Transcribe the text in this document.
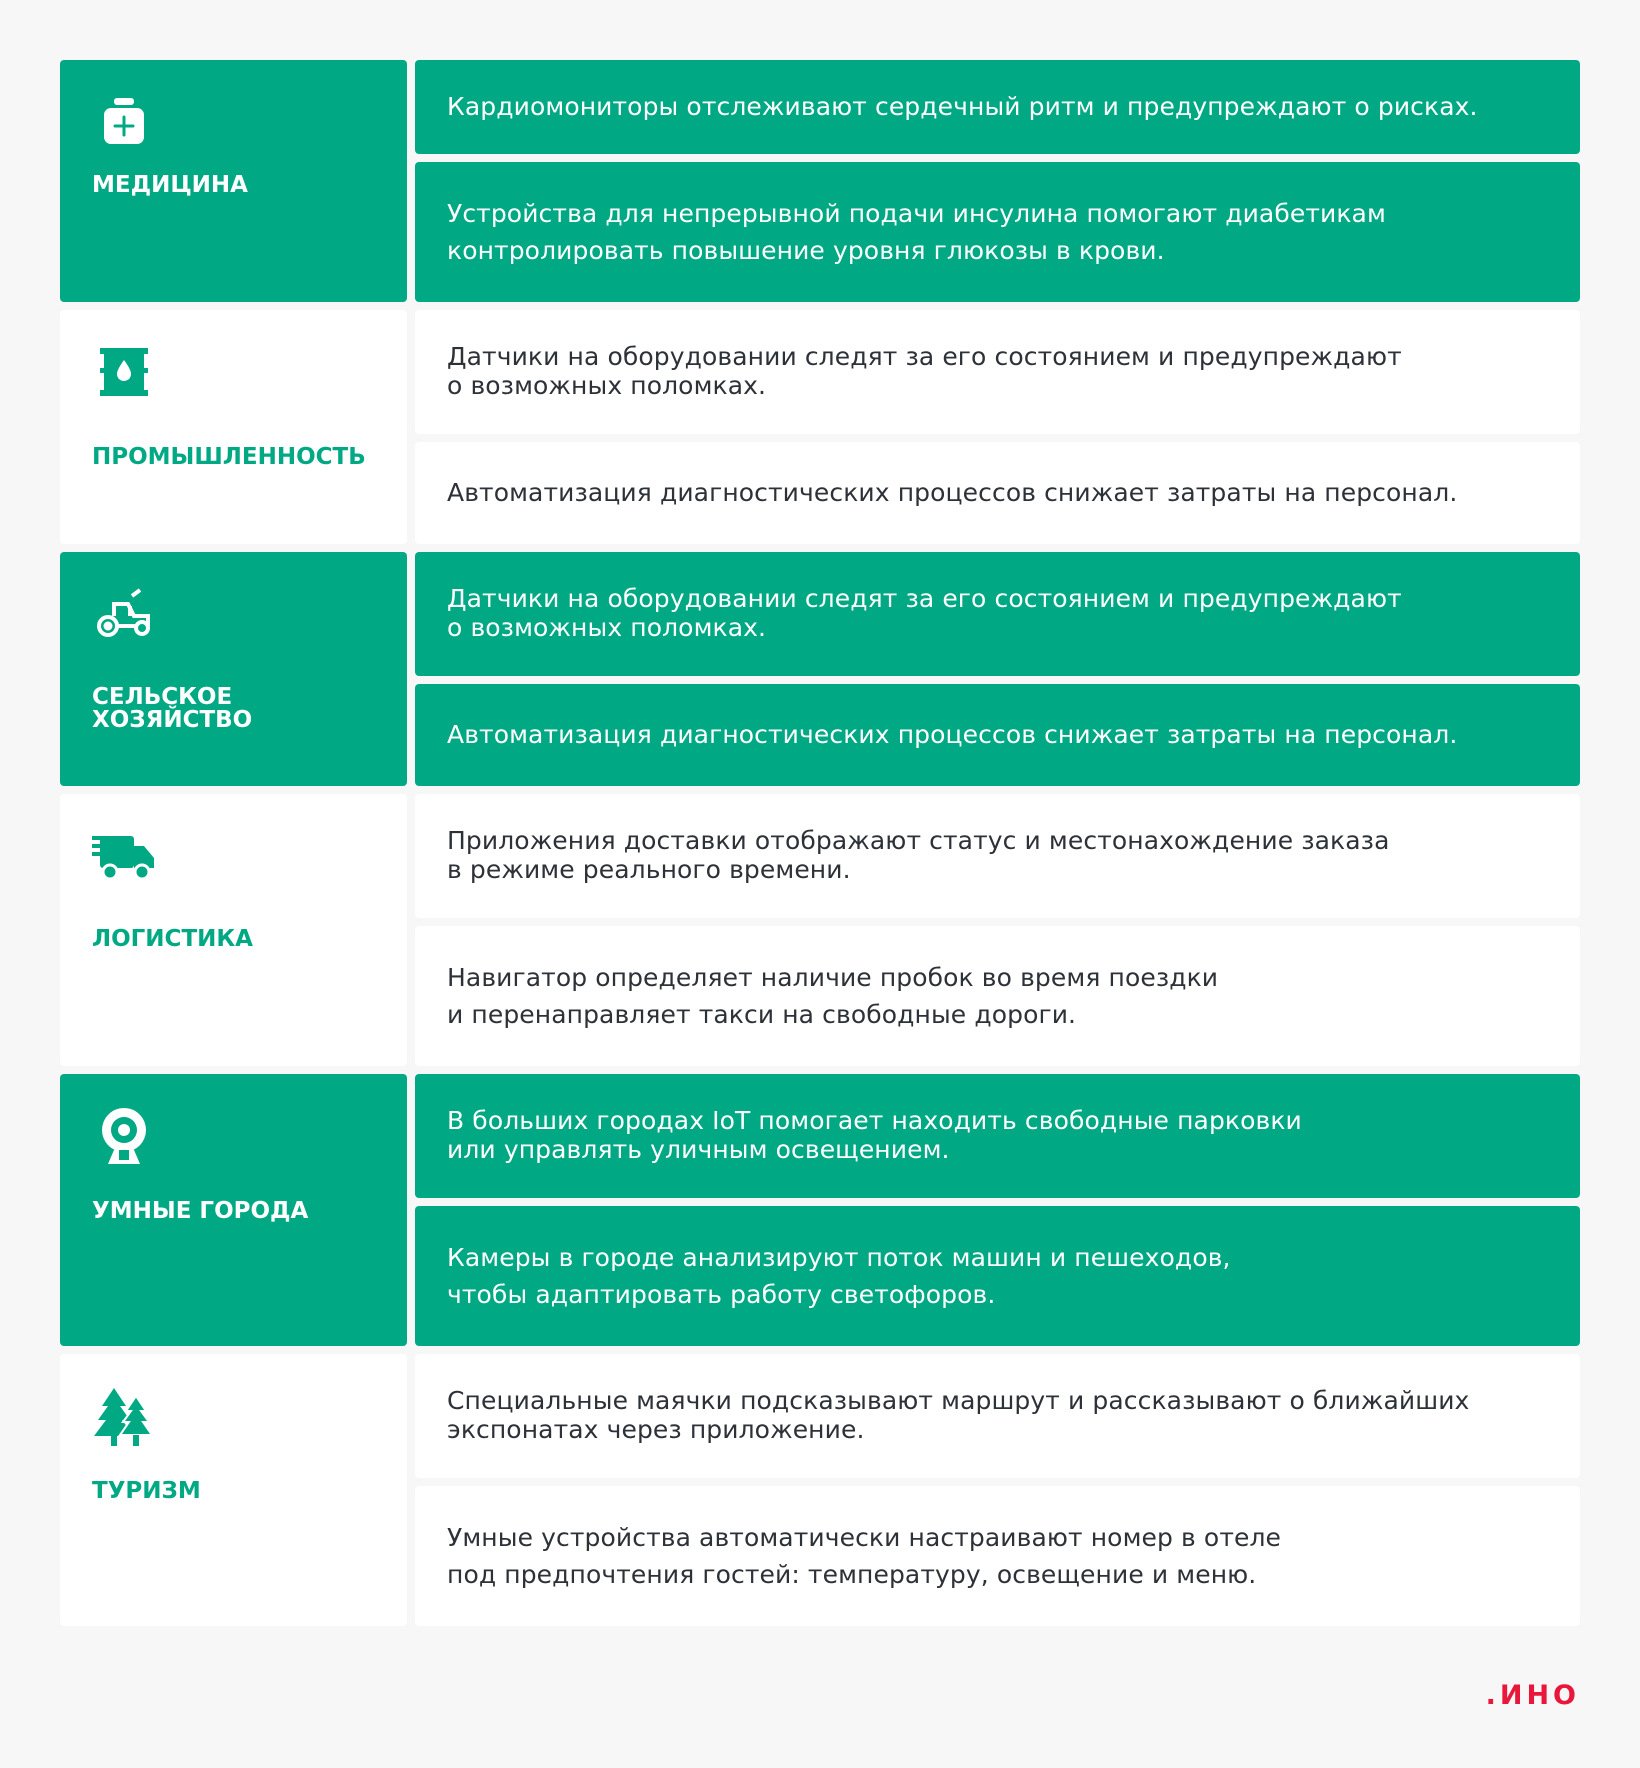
МЕДИЦИНА
Кардиомониторы отслеживают сердечный ритм и предупреждают о рисках.
Устройства для непрерывной подачи инсулина помогают диабетикам
контролировать повышение уровня глюкозы в крови.
ПРОМЫШЛЕННОСТЬ
Датчики на оборудовании следят за его состоянием и предупреждают
о возможных поломках.
Автоматизация диагностических процессов снижает затраты на персонал.
СЕЛЬСКОЕ
ХОЗЯЙСТВО
Датчики на оборудовании следят за его состоянием и предупреждают
о возможных поломках.
Автоматизация диагностических процессов снижает затраты на персонал.
ЛОГИСТИКА
Приложения доставки отображают статус и местонахождение заказа
в режиме реального времени.
Навигатор определяет наличие пробок во время поездки
и перенаправляет такси на свободные дороги.
УМНЫЕ ГОРОДА
В больших городах IoT помогает находить свободные парковки
или управлять уличным освещением.
Камеры в городе анализируют поток машин и пешеходов,
чтобы адаптировать работу светофоров.
ТУРИЗМ
Специальные маячки подсказывают маршрут и рассказывают о ближайших
экспонатах через приложение.
Умные устройства автоматически настраивают номер в отеле
под предпочтения гостей: температуру, освещение и меню.
.ИНО
